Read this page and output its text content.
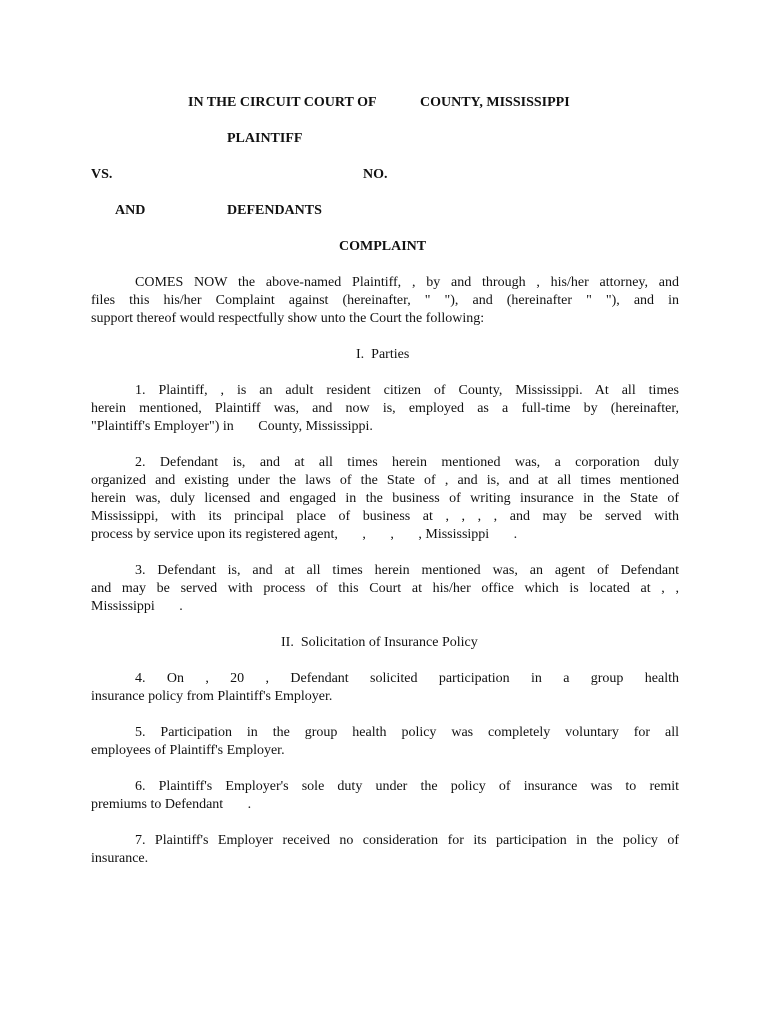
IN THE CIRCUIT COURT OF	COUNTY, MISSISSIPPI
PLAINTIFF
VS.	NO.
AND	DEFENDANTS
COMPLAINT
COMES NOW the above-named Plaintiff, , by and through , his/her attorney, and
files this his/her Complaint against (hereinafter, " "), and (hereinafter " "), and in
support thereof would respectfully show unto the Court the following:
I.  Parties
1. Plaintiff, , is an adult resident citizen of County, Mississippi. At all times
herein mentioned, Plaintiff was, and now is, employed as a full-time by (hereinafter,
"Plaintiff's Employer") in       County, Mississippi.
2. Defendant is, and at all times herein mentioned was, a corporation duly
organized and existing under the laws of the State of , and is, and at all times mentioned
herein was, duly licensed and engaged in the business of writing insurance in the State of
Mississippi, with its principal place of business at , , , , and may be served with
process by service upon its registered agent,       ,       ,       , Mississippi       .
3. Defendant is, and at all times herein mentioned was, an agent of Defendant
and may be served with process of this Court at his/her office which is located at , ,
Mississippi       .
II.  Solicitation of Insurance Policy
4. On , 20 , Defendant solicited participation in a group health
insurance policy from Plaintiff's Employer.
5. Participation in the group health policy was completely voluntary for all
employees of Plaintiff's Employer.
6. Plaintiff's Employer's sole duty under the policy of insurance was to remit
premiums to Defendant       .
7. Plaintiff's Employer received no consideration for its participation in the policy of
insurance.
